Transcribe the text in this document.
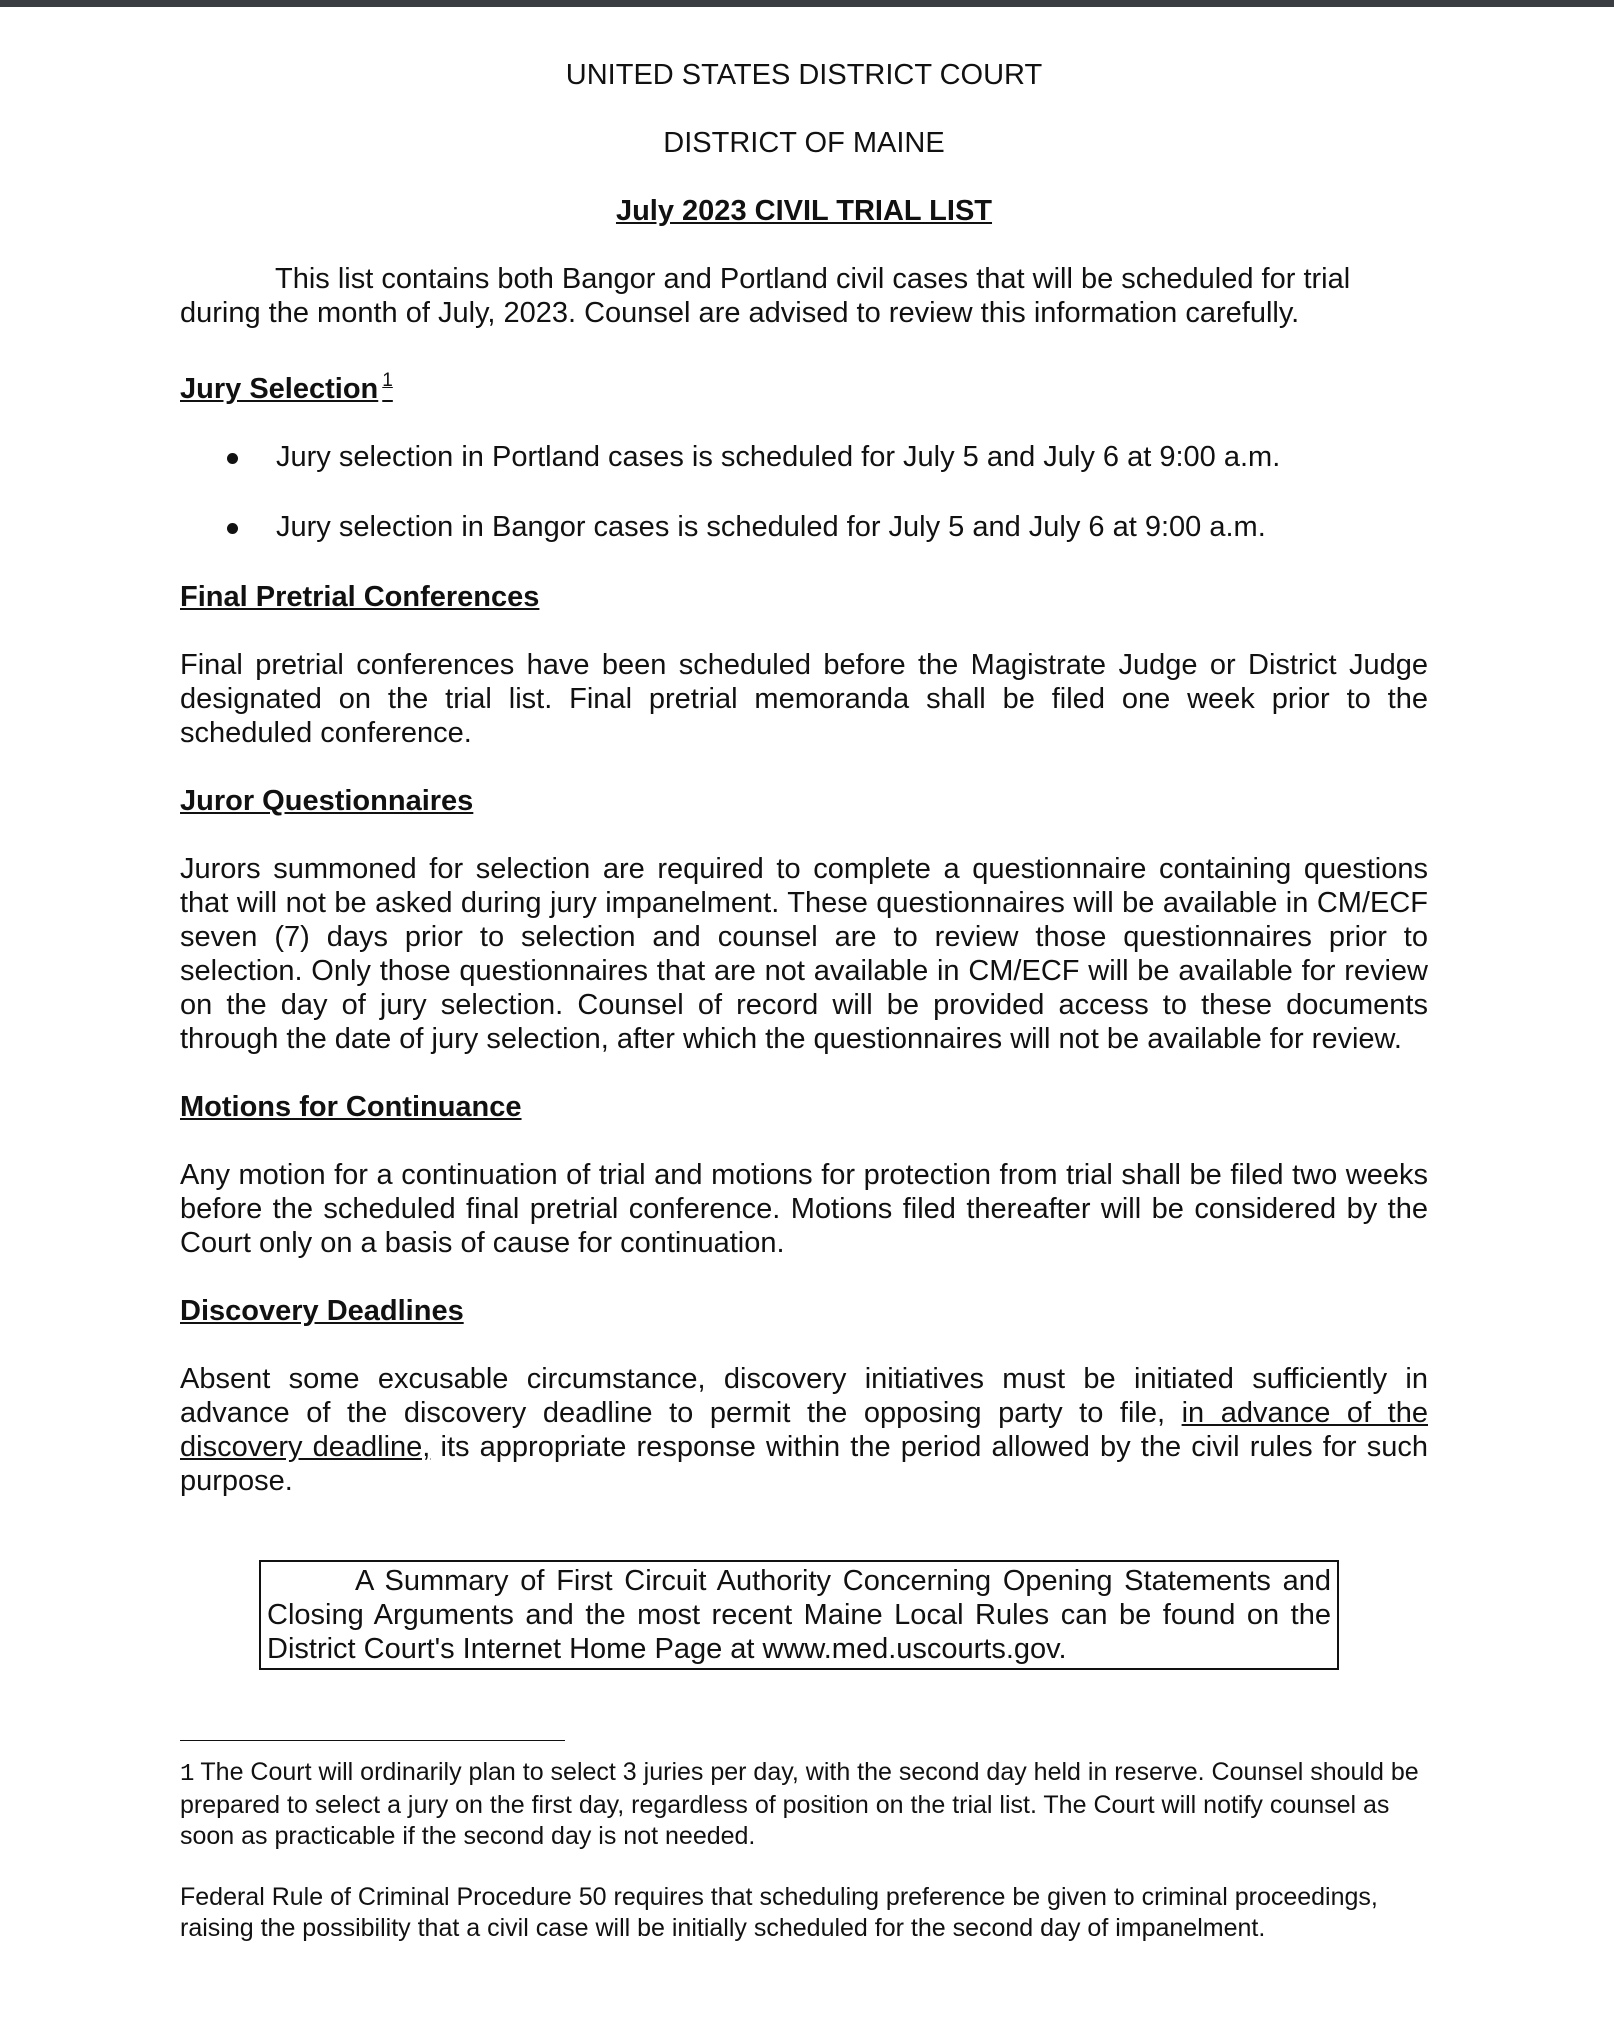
UNITED STATES DISTRICT COURT
DISTRICT OF MAINE
July 2023 CIVIL TRIAL LIST

This list contains both Bangor and Portland civil cases that will be scheduled for trial during the month of July, 2023. Counsel are advised to review this information carefully.

Jury Selection $^1$
Jury selection in Portland cases is scheduled for July 5 and July 6 at 9:00 a.m.
Jury selection in Bangor cases is scheduled for July 5 and July 6 at 9:00 a.m.
Final Pretrial Conferences

Final pretrial conferences have been scheduled before the Magistrate Judge or District Judge designated on the trial list. Final pretrial memoranda shall be filed one week prior to the scheduled conference.

Juror Questionnaires

Jurors summoned for selection are required to complete a questionnaire containing questions that will not be asked during jury impanelment. These questionnaires will be available in CM/ECF seven (7) days prior to selection and counsel are to review those questionnaires prior to selection. Only those questionnaires that are not available in CM/ECF will be available for review on the day of jury selection. Counsel of record will be provided access to these documents through the date of jury selection, after which the questionnaires will not be available for review.

Motions for Continuance

Any motion for a continuation of trial and motions for protection from trial shall be filed two weeks before the scheduled final pretrial conference. Motions filed thereafter will be considered by the Court only on a basis of cause for continuation.

Discovery Deadlines

Absent some excusable circumstance, discovery initiatives must be initiated sufficiently in advance of the discovery deadline to permit the opposing party to file, in advance of the discovery deadline, its appropriate response within the period allowed by the civil rules for such purpose.

A Summary of First Circuit Authority Concerning Opening Statements and Closing Arguments and the most recent Maine Local Rules can be found on the District Court's Internet Home Page at www.med.uscourts.gov.

1 The Court will ordinarily plan to select 3 juries per day, with the second day held in reserve. Counsel should be prepared to select a jury on the first day, regardless of position on the trial list. The Court will notify counsel as soon as practicable if the second day is not needed.

Federal Rule of Criminal Procedure 50 requires that scheduling preference be given to criminal proceedings, raising the possibility that a civil case will be initially scheduled for the second day of impanelment.
